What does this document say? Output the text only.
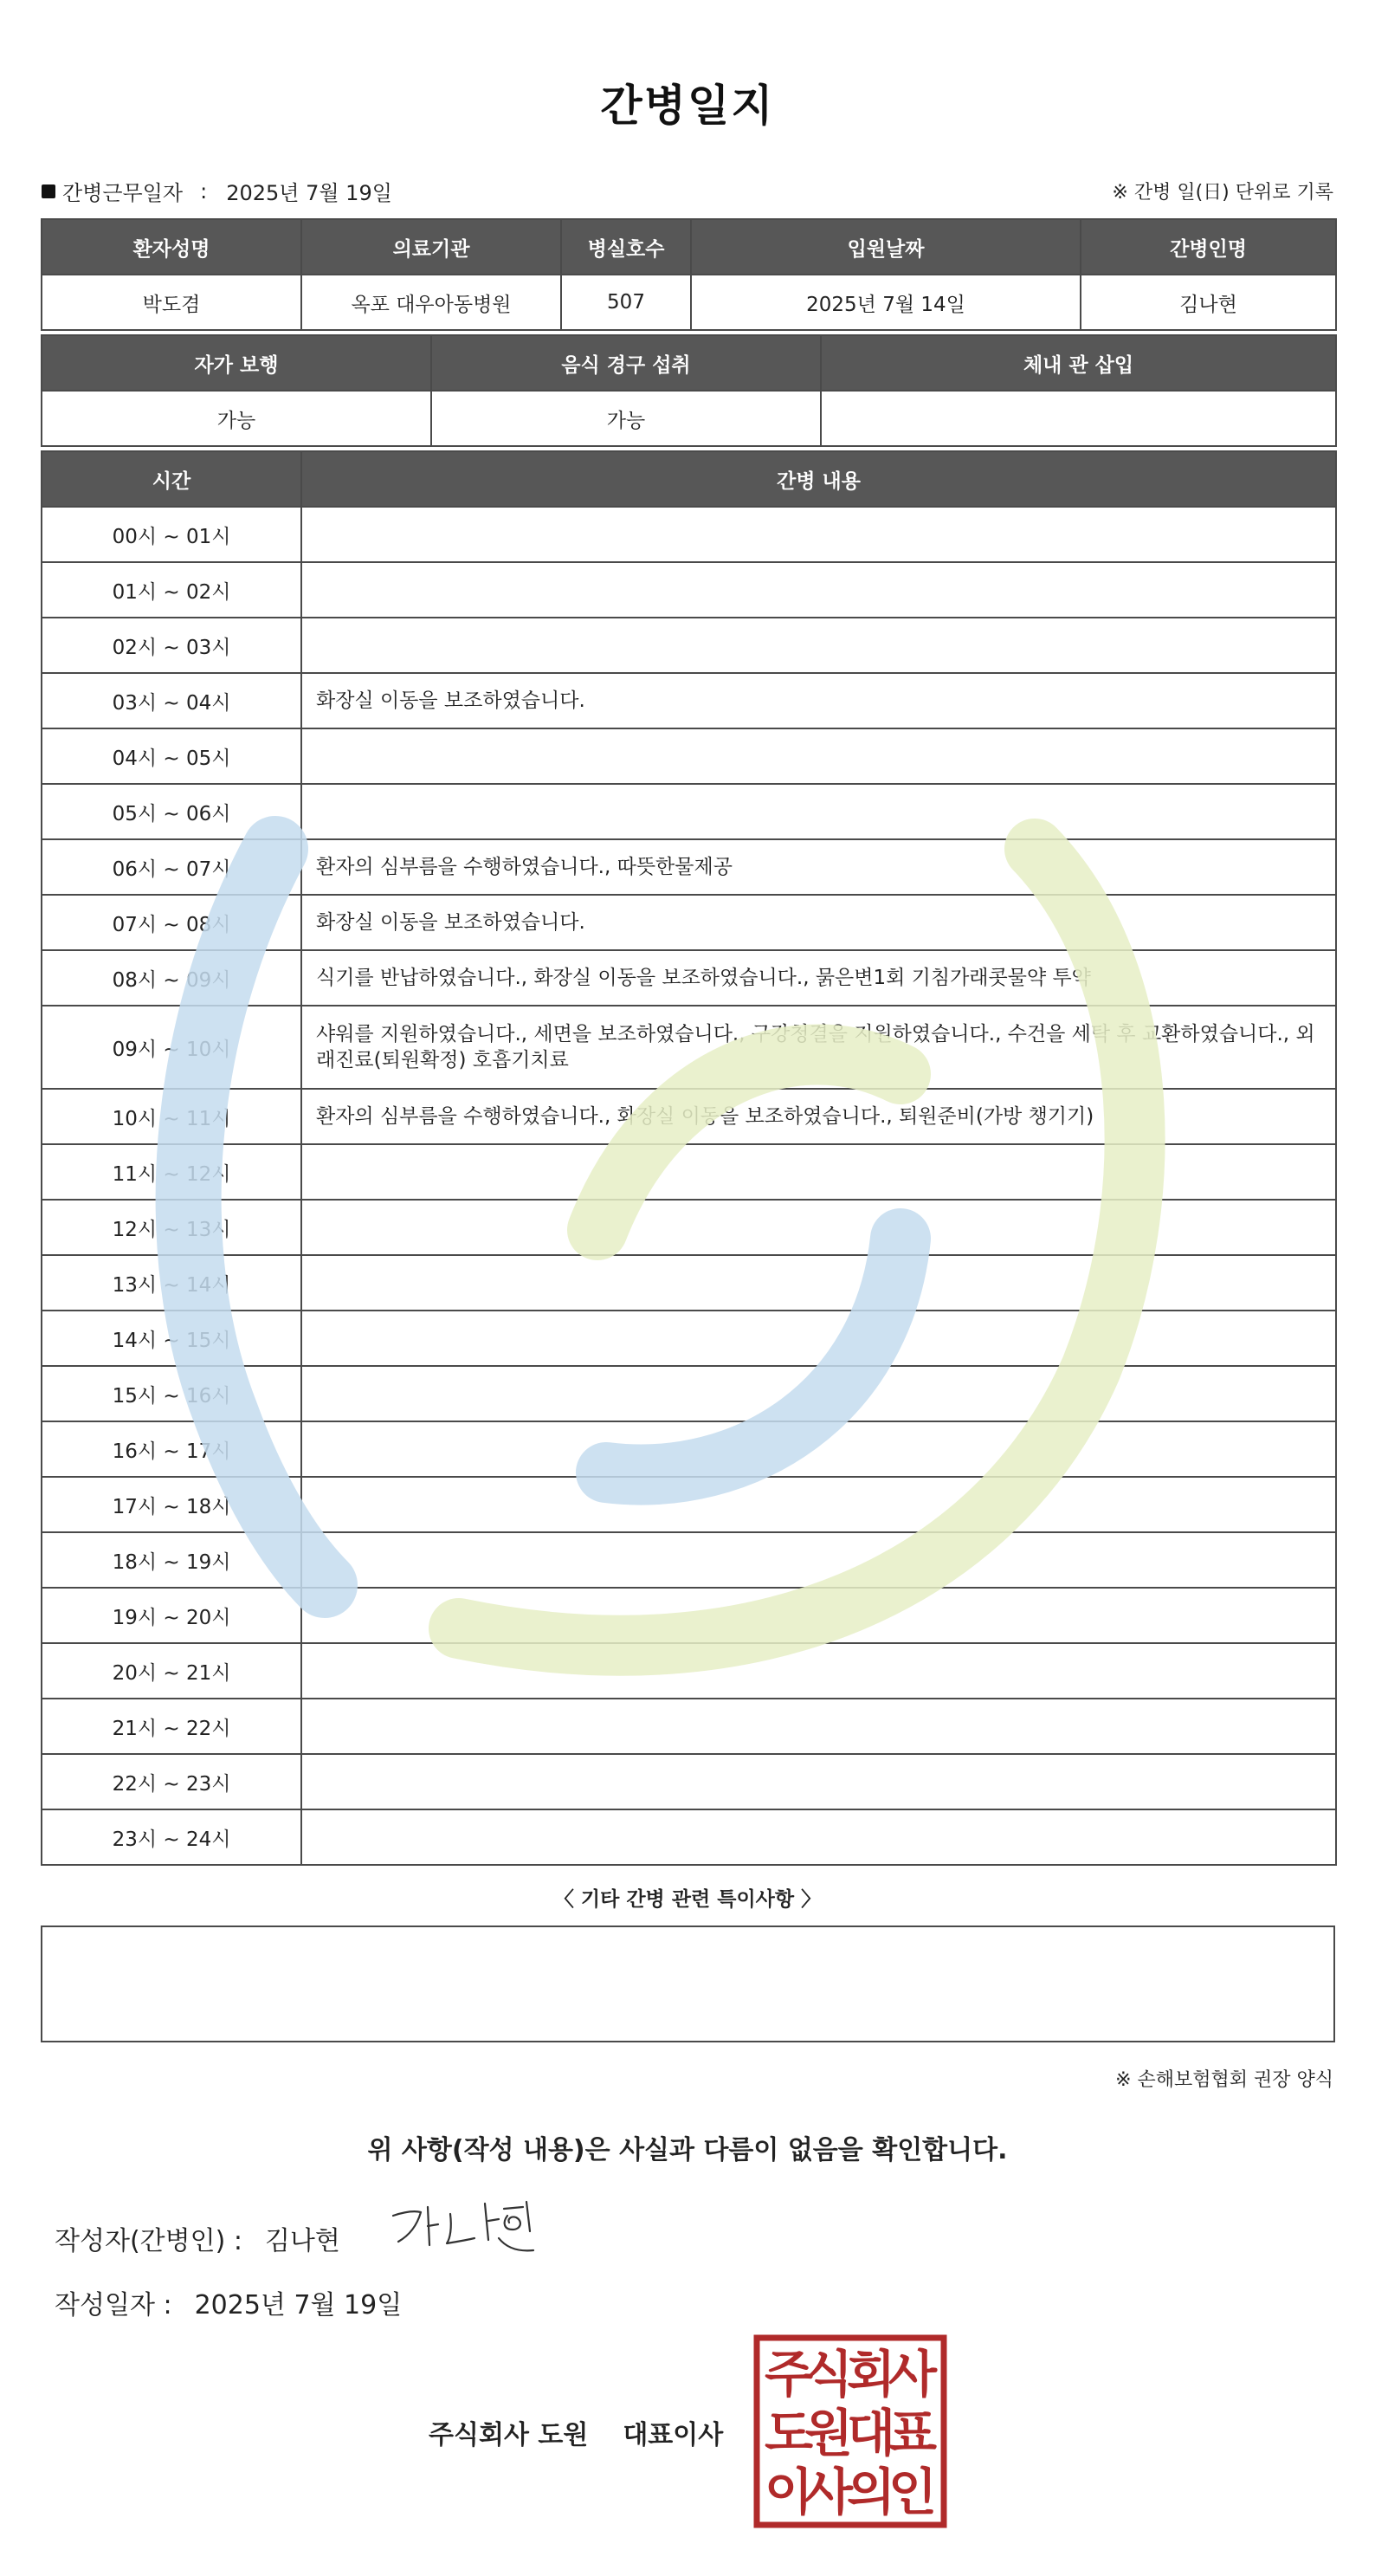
간병일지
간병근무일자 : 2025년 7월 19일	※ 간병 일(日) 단위로 기록
환자성명	의료기관	병실호수	입원날짜	간병인명
박도겸	옥포 대우아동병원	507	2025년 7월 14일	김나현
자가 보행	음식 경구 섭취	체내 관 삽입
가능	가능	
시간	간병 내용
00시 ~ 01시	
01시 ~ 02시	
02시 ~ 03시	
03시 ~ 04시	화장실 이동을 보조하였습니다.
04시 ~ 05시	
05시 ~ 06시	
06시 ~ 07시	환자의 심부름을 수행하였습니다., 따뜻한물제공
07시 ~ 08시	화장실 이동을 보조하였습니다.
08시 ~ 09시	식기를 반납하였습니다., 화장실 이동을 보조하였습니다., 묽은변1회 기침가래콧물약 투약
09시 ~ 10시	샤워를 지원하였습니다., 세면을 보조하였습니다., 구강청결을 지원하였습니다., 수건을 세탁 후 교환하였습니다., 외래진료(퇴원확정) 호흡기치료
10시 ~ 11시	환자의 심부름을 수행하였습니다., 화장실 이동을 보조하였습니다., 퇴원준비(가방 챙기기)
11시 ~ 12시	
12시 ~ 13시	
13시 ~ 14시	
14시 ~ 15시	
15시 ~ 16시	
16시 ~ 17시	
17시 ~ 18시	
18시 ~ 19시	
19시 ~ 20시	
20시 ~ 21시	
21시 ~ 22시	
22시 ~ 23시	
23시 ~ 24시	
〈 기타 간병 관련 특이사항 〉
※ 손해보험협회 권장 양식
위 사항(작성 내용)은 사실과 다름이 없음을 확인합니다.
작성자(간병인) : 김나현
작성일자 : 2025년 7월 19일
주식회사 도원 대표이사
주
식
회
사
도
원
대
표
이
사
의
인
